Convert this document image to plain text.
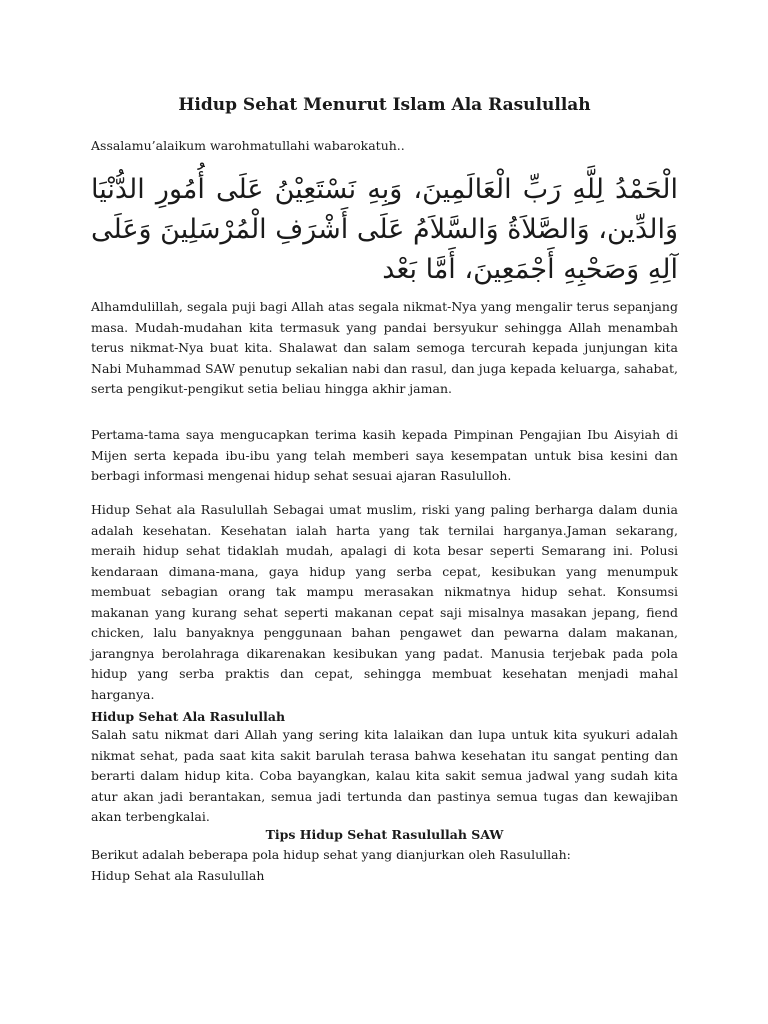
Hidup Sehat Menurut Islam Ala Rasulullah
Assalamu’alaikum warohmatullahi wabarokatuh..
الْحَمْدُ لِلَّهِ رَبِّ الْعَالَمِينَ، وَبِهِ نَسْتَعِيْنُ عَلَى أُمُورِ الدُّنْيَا وَالدِّين، وَالصَّلاَةُ وَالسَّلاَمُ عَلَى أَشْرَفِ الْمُرْسَلِينَ وَعَلَى آلِهِ وَصَحْبِهِ أَجْمَعِينَ، أَمَّا بَعْد

Alhamdulillah, segala puji bagi Allah atas segala nikmat-Nya yang mengalir terus sepanjang masa. Mudah-mudahan kita termasuk yang pandai bersyukur sehingga Allah menambah terus nikmat-Nya buat kita. Shalawat dan salam semoga tercurah kepada junjungan kita Nabi Muhammad SAW penutup sekalian nabi dan rasul, dan juga kepada keluarga, sahabat, serta pengikut-pengikut setia beliau hingga akhir jaman.

Pertama-tama saya mengucapkan terima kasih kepada Pimpinan Pengajian Ibu Aisyiah di Mijen serta kepada ibu-ibu yang telah memberi saya kesempatan untuk bisa kesini dan berbagi informasi mengenai hidup sehat sesuai ajaran Rasululloh.

Hidup Sehat ala Rasulullah Sebagai umat muslim, riski yang paling berharga dalam dunia adalah kesehatan. Kesehatan ialah harta yang tak ternilai harganya.Jaman sekarang, meraih hidup sehat tidaklah mudah, apalagi di kota besar seperti Semarang ini. Polusi kendaraan dimana-mana, gaya hidup yang serba cepat, kesibukan yang menumpuk membuat sebagian orang tak mampu merasakan nikmatnya hidup sehat. Konsumsi makanan yang kurang sehat seperti makanan cepat saji misalnya masakan jepang, fiend chicken, lalu banyaknya penggunaan bahan pengawet dan pewarna dalam makanan, jarangnya berolahraga dikarenakan kesibukan yang padat. Manusia terjebak pada pola hidup yang serba praktis dan cepat, sehingga membuat kesehatan menjadi mahal harganya.

Hidup Sehat Ala Rasulullah

Salah satu nikmat dari Allah yang sering kita lalaikan dan lupa untuk kita syukuri adalah nikmat sehat, pada saat kita sakit barulah terasa bahwa kesehatan itu sangat penting dan berarti dalam hidup kita. Coba bayangkan, kalau kita sakit semua jadwal yang sudah kita atur akan jadi berantakan, semua jadi tertunda dan pastinya semua tugas dan kewajiban akan terbengkalai.

Tips Hidup Sehat Rasulullah SAW
Berikut adalah beberapa pola hidup sehat yang dianjurkan oleh Rasulullah:
Hidup Sehat ala Rasulullah
